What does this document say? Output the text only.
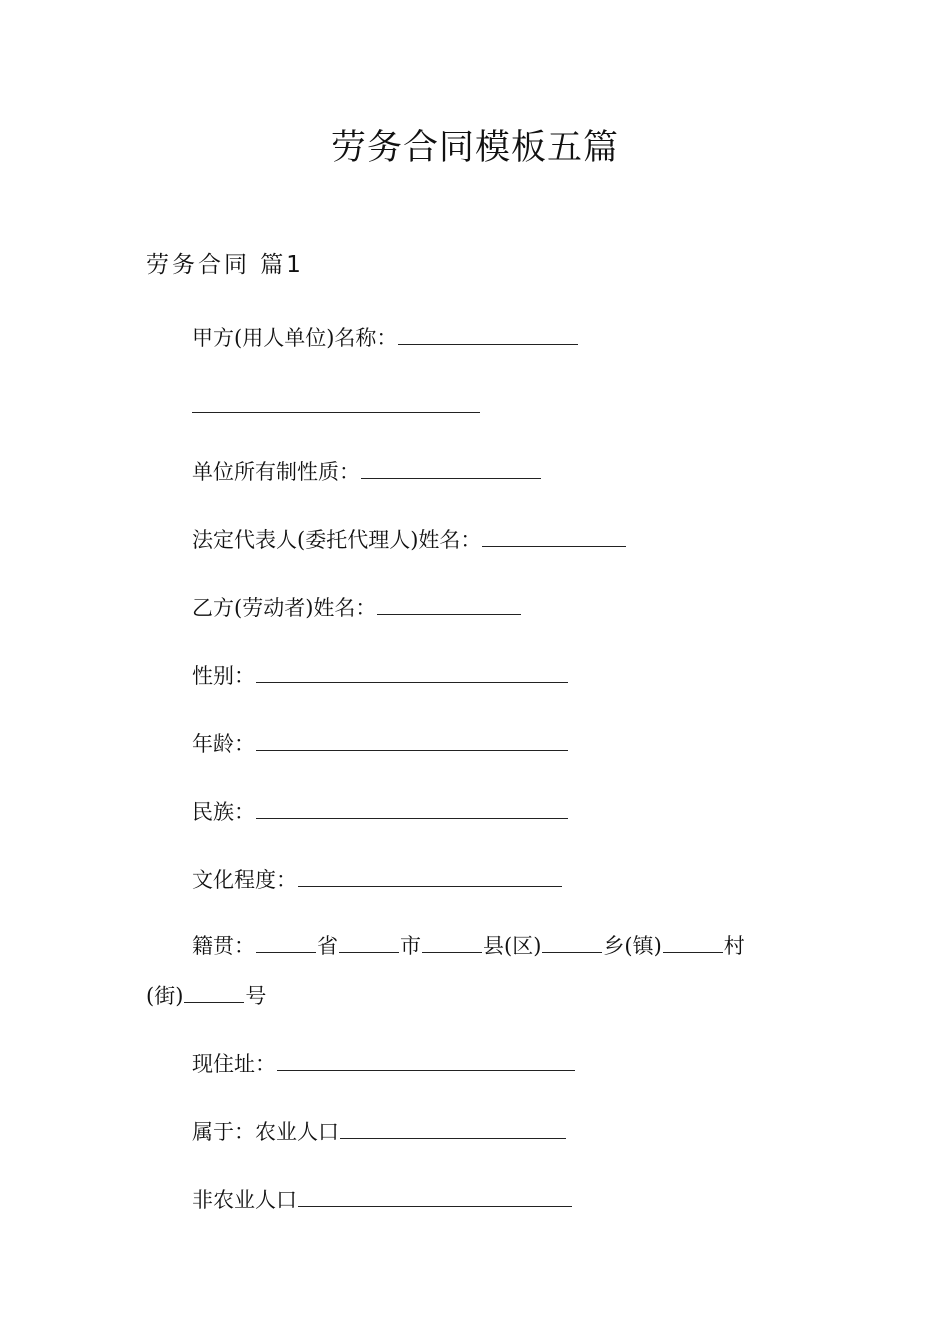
劳务合同模板五篇
劳务合同 篇1
甲方(用人单位)名称：
单位所有制性质：
法定代表人(委托代理人)姓名：
乙方(劳动者)姓名：
性别：
年龄：
民族：
文化程度：
籍贯：	省	市	县(区)	乡(镇)	村
(街)	号
现住址：
属于：农业人口
非农业人口
